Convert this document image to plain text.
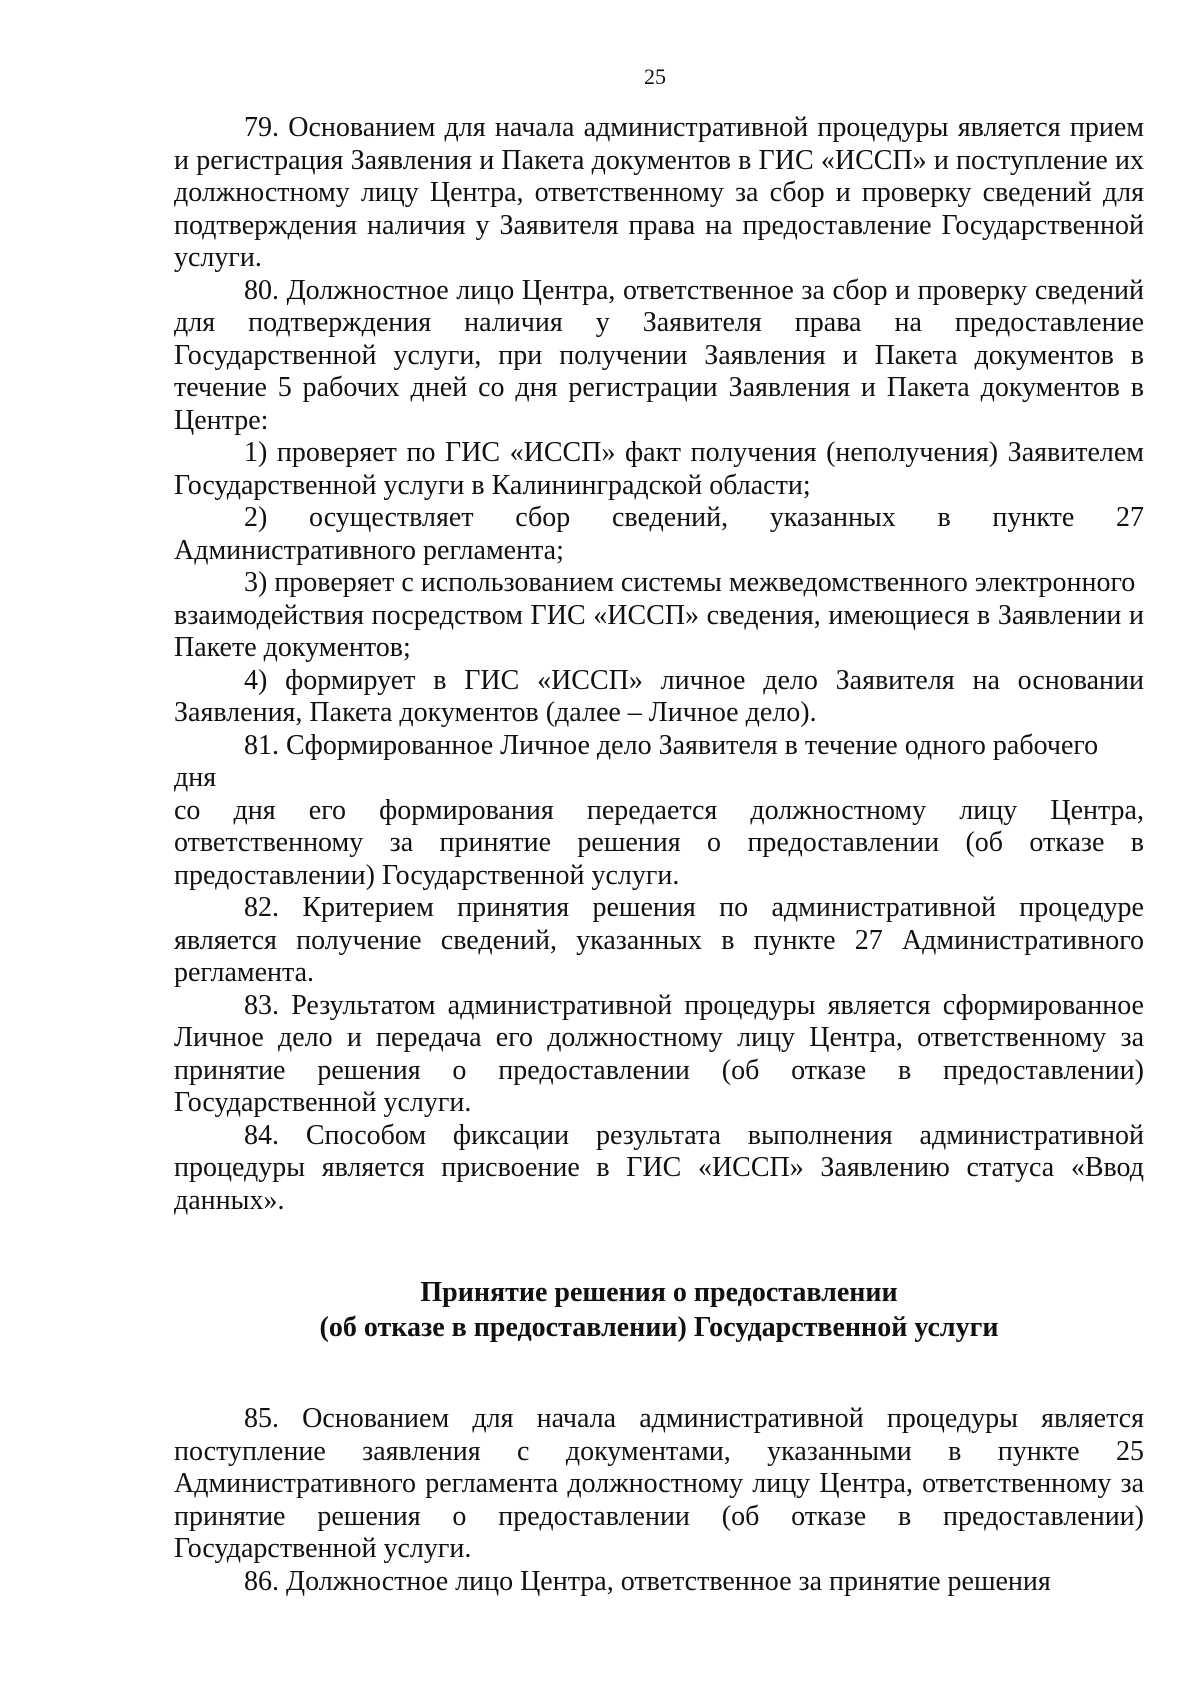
25

79. Основанием для начала административной процедуры является прием и регистрация Заявления и Пакета документов в ГИС «ИССП» и поступление их должностному лицу Центра, ответственному за сбор и проверку сведений для подтверждения наличия у Заявителя права на предоставление Государственной услуги.

80. Должностное лицо Центра, ответственное за сбор и проверку сведений для подтверждения наличия у Заявителя права на предоставление Государственной услуги, при получении Заявления и Пакета документов в течение 5 рабочих дней со дня регистрации Заявления и Пакета документов в Центре:

1) проверяет по ГИС «ИССП» факт получения (неполучения) Заявителем Государственной услуги в Калининградской области;

2) осуществляет сбор сведений, указанных в пункте 27 Административного регламента;

3) проверяет с использованием системы межведомственного электронного

взаимодействия посредством ГИС «ИССП» сведения, имеющиеся в Заявлении и Пакете документов;

4) формирует в ГИС «ИССП» личное дело Заявителя на основании Заявления, Пакета документов (далее – Личное дело).

81. Сформированное Личное дело Заявителя в течение одного рабочего дня

со дня его формирования передается должностному лицу Центра, ответственному за принятие решения о предоставлении (об отказе в предоставлении) Государственной услуги.

82. Критерием принятия решения по административной процедуре является получение сведений, указанных в пункте 27 Административного регламента.

83. Результатом административной процедуры является сформированное Личное дело и передача его должностному лицу Центра, ответственному за принятие решения о предоставлении (об отказе в предоставлении) Государственной услуги.

84. Способом фиксации результата выполнения административной процедуры является присвоение в ГИС «ИССП» Заявлению статуса «Ввод данных».

Принятие решения о предоставлении
(об отказе в предоставлении) Государственной услуги

85. Основанием для начала административной процедуры является поступление заявления с документами, указанными в пункте 25 Административного регламента должностному лицу Центра, ответственному за принятие решения о предоставлении (об отказе в предоставлении) Государственной услуги.

86. Должностное лицо Центра, ответственное за принятие решения
